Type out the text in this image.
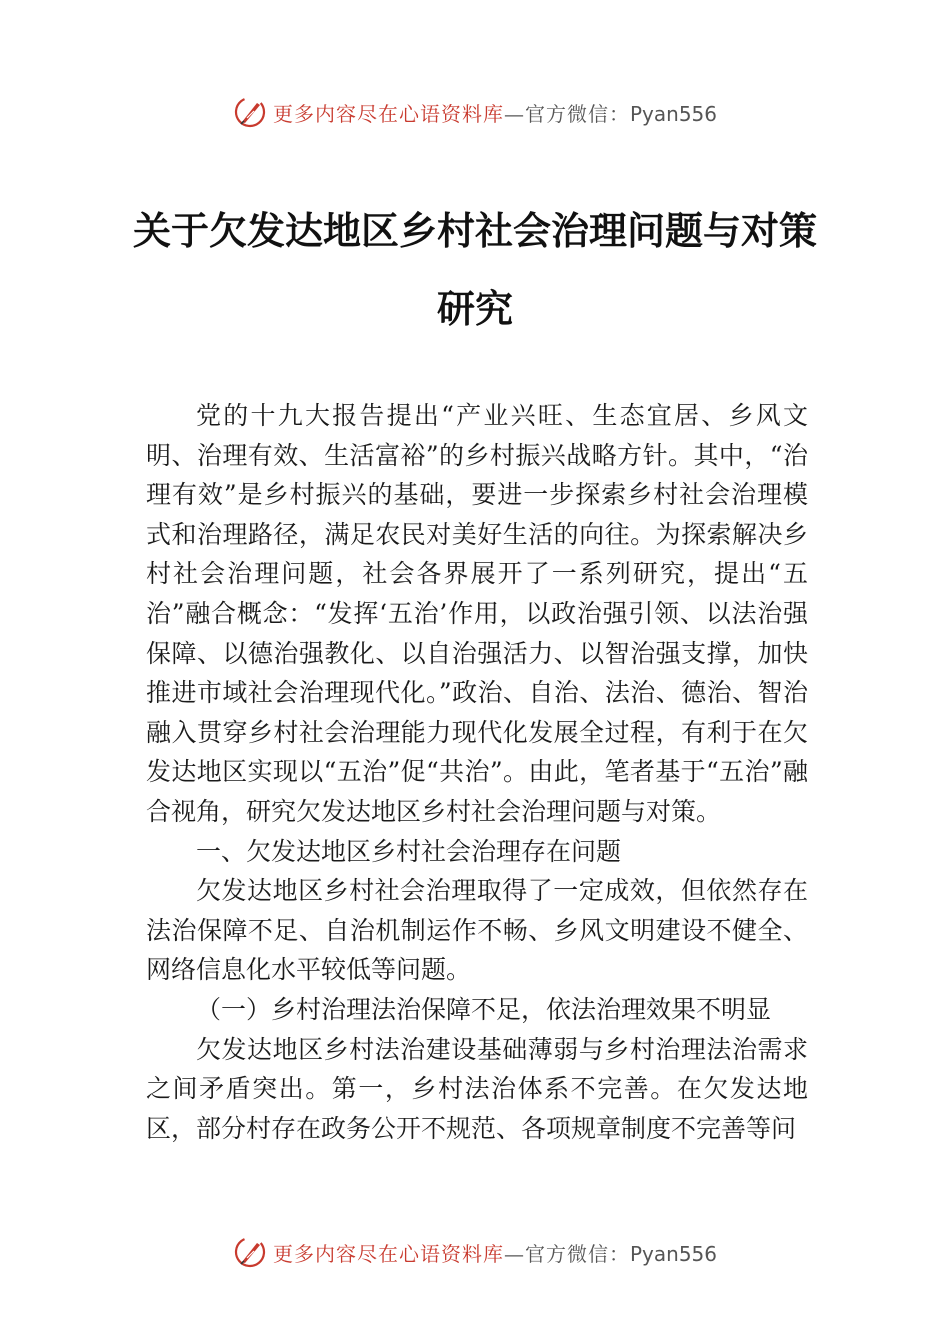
更多内容尽在心语资料库—官方微信：Pyan556
关于欠发达地区乡村社会治理问题与对策
研究

党的十九大报告提出“产业兴旺、生态宜居、乡风文明、治理有效、生活富裕”的乡村振兴战略方针。其中，“治理有效”是乡村振兴的基础，要进一步探索乡村社会治理模式和治理路径，满足农民对美好生活的向往。为探索解决乡村社会治理问题，社会各界展开了一系列研究，提出“五治”融合概念：“发挥‘五治’作用，以政治强引领、以法治强保障、以德治强教化、以自治强活力、以智治强支撑，加快推进市域社会治理现代化。”政治、自治、法治、德治、智治融入贯穿乡村社会治理能力现代化发展全过程，有利于在欠发达地区实现以“五治”促“共治”。由此，笔者基于“五治”融合视角，研究欠发达地区乡村社会治理问题与对策。

一、欠发达地区乡村社会治理存在问题

欠发达地区乡村社会治理取得了一定成效，但依然存在法治保障不足、自治机制运作不畅、乡风文明建设不健全、 网络信息化水平较低等问题。

（一）乡村治理法治保障不足，依法治理效果不明显

欠发达地区乡村法治建设基础薄弱与乡村治理法治需求之间矛盾突出。第一，乡村法治体系不完善。在欠发达地区，部分村存在政务公开不规范、各项规章制度不完善等问

更多内容尽在心语资料库—官方微信：Pyan556
